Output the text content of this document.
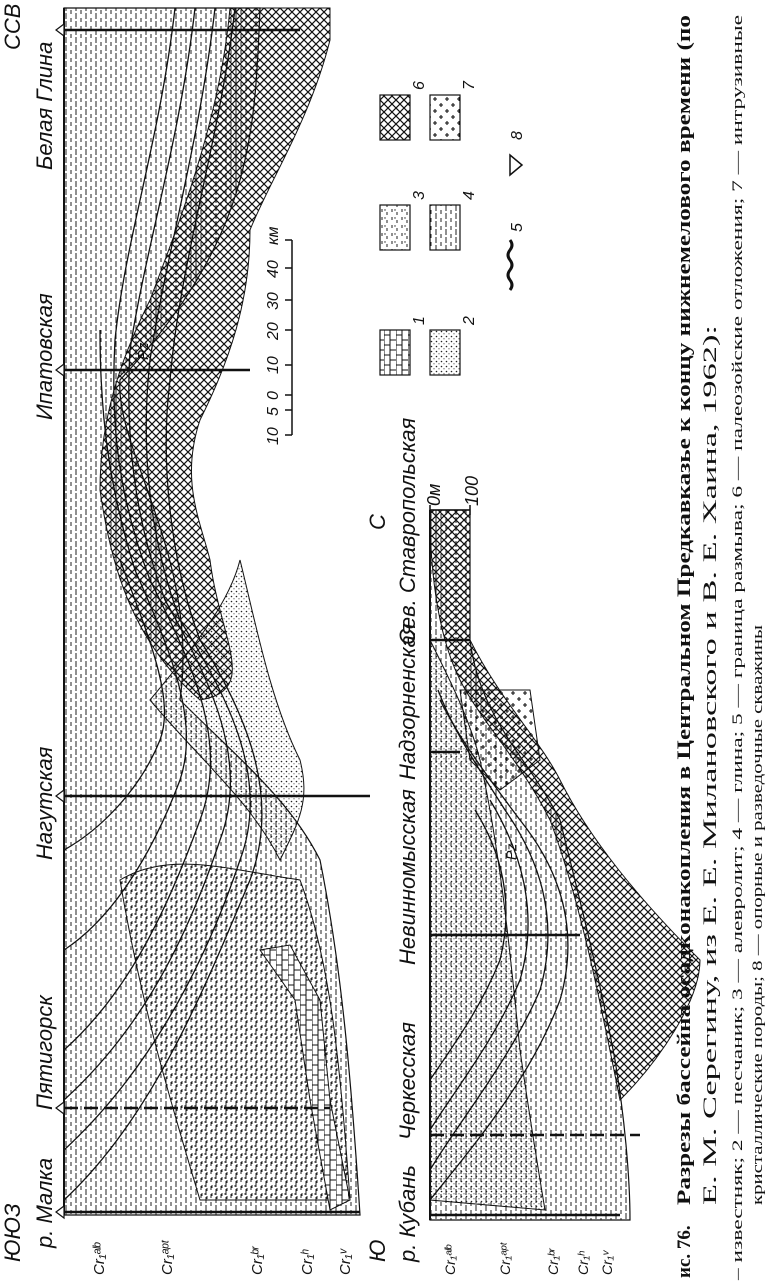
ЮЮЗ
ССВ
р. Малка
Пятигорск
Нагутская
Ипатовская
Белая Глина
Cr₁ᵃˡᵇ	Cr₁ᵃᵖᵗ	Cr₁ᵇʳ Cr₁ʰ Cr₁ᵛ
Pz
Ю
С
р. Кубань
Черкесская
Невинномысская
Надзорненская
Сев. Ставропольская
Cr₁ᵃˡᵇ	Cr₁ᵃᵖᵗ Cr₁ᵇʳ Cr₁ʰ Cr₁ᵛ
Pz
0м 100
10
5
0
10
20
30
40
км
1 2
3 4
5
6 7
8
ис. 76.
Разрезы бассейна осадконакопления в Центральном Предкавказье к концу нижнемелового времени (по Е. М. Серегину, из Е. Е. Милановского и В. Е. Хаина, 1962): – известняк; 2 — песчаник; 3 — алевролит; 4 — глина; 5 — граница размыва; 6 — палеозойские отложения; 7 — интрузивные кристаллические породы; 8 — опорные и разведочные скважины
